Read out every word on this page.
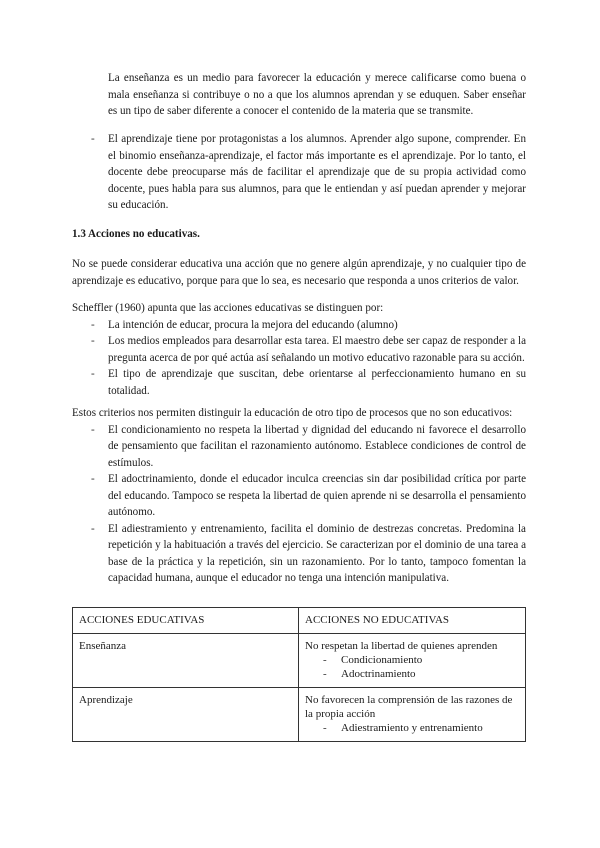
La enseñanza es un medio para favorecer la educación y merece calificarse como buena o mala enseñanza si contribuye o no a que los alumnos aprendan y se eduquen. Saber enseñar es un tipo de saber diferente a conocer el contenido de la materia que se transmite.

- El aprendizaje tiene por protagonistas a los alumnos. Aprender algo supone, comprender. En el binomio enseñanza-aprendizaje, el factor más importante es el aprendizaje. Por lo tanto, el docente debe preocuparse más de facilitar el aprendizaje que de su propia actividad como docente, pues habla para sus alumnos, para que le entiendan y así puedan aprender y mejorar su educación.
1.3 Acciones no educativas.

No se puede considerar educativa una acción que no genere algún aprendizaje, y no cualquier tipo de aprendizaje es educativo, porque para que lo sea, es necesario que responda a unos criterios de valor.

Scheffler (1960) apunta que las acciones educativas se distinguen por:
- La intención de educar, procura la mejora del educando (alumno)
- Los medios empleados para desarrollar esta tarea. El maestro debe ser capaz de responder a la pregunta acerca de por qué actúa así señalando un motivo educativo razonable para su acción.
- El tipo de aprendizaje que suscitan, debe orientarse al perfeccionamiento humano en su totalidad.
Estos criterios nos permiten distinguir la educación de otro tipo de procesos que no son educativos:
- El condicionamiento no respeta la libertad y dignidad del educando ni favorece el desarrollo de pensamiento que facilitan el razonamiento autónomo. Establece condiciones de control de estímulos.
- El adoctrinamiento, donde el educador inculca creencias sin dar posibilidad crítica por parte del educando. Tampoco se respeta la libertad de quien aprende ni se desarrolla el pensamiento autónomo.
- El adiestramiento y entrenamiento, facilita el dominio de destrezas concretas. Predomina la repetición y la habituación a través del ejercicio. Se caracterizan por el dominio de una tarea a base de la práctica y la repetición, sin un razonamiento. Por lo tanto, tampoco fomentan la capacidad humana, aunque el educador no tenga una intención manipulativa.
ACCIONES EDUCATIVAS	ACCIONES NO EDUCATIVAS
Enseñanza	No respetan la libertad de quienes aprenden
- Condicionamiento
- Adoctrinamiento

Aprendizaje	No favorecen la comprensión de las razones de la propia acción
- Adiestramiento y entrenamiento
